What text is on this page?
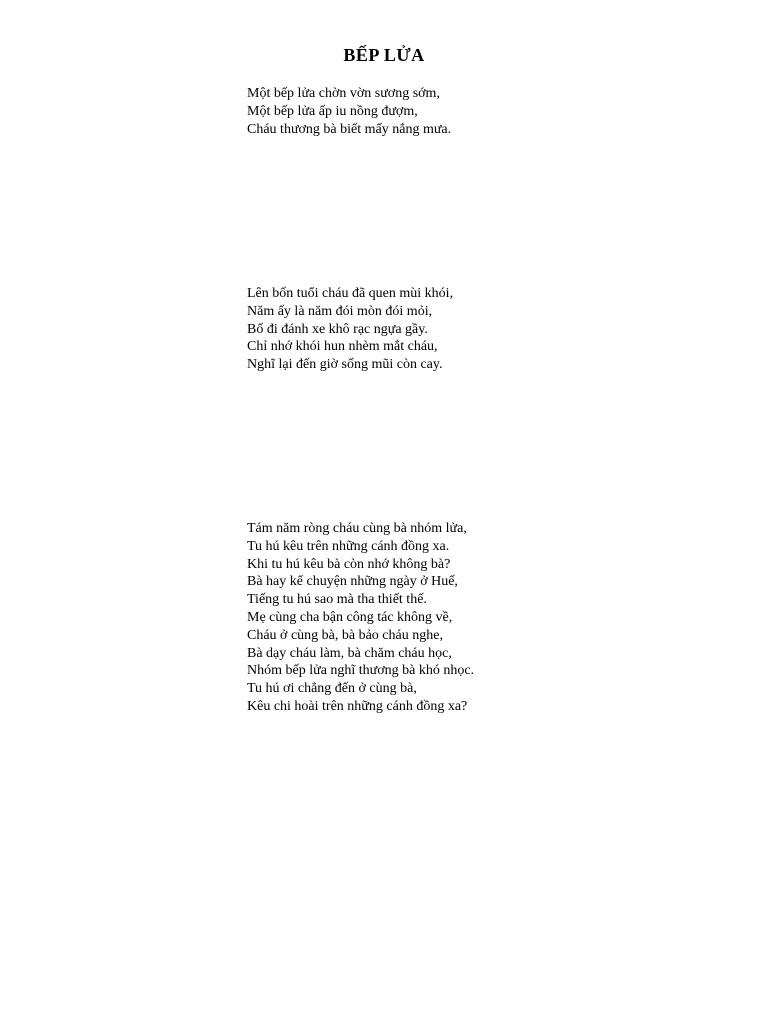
BẾP LỬA
Một bếp lửa chờn vờn sương sớm,
Một bếp lửa ấp iu nồng đượm,
Cháu thương bà biết mấy nắng mưa.
Lên bốn tuổi cháu đã quen mùi khói,
Năm ấy là năm đói mòn đói mỏi,
Bố đi đánh xe khô rạc ngựa gầy.
Chỉ nhớ khói hun nhèm mắt cháu,
Nghĩ lại đến giờ sống mũi còn cay.
Tám năm ròng cháu cùng bà nhóm lửa,
Tu hú kêu trên những cánh đồng xa.
Khi tu hú kêu bà còn nhớ không bà?
Bà hay kể chuyện những ngày ở Huế,
Tiếng tu hú sao mà tha thiết thế.
Mẹ cùng cha bận công tác không về,
Cháu ở cùng bà, bà bảo cháu nghe,
Bà dạy cháu làm, bà chăm cháu học,
Nhóm bếp lửa nghĩ thương bà khó nhọc.
Tu hú ơi chẳng đến ở cùng bà,
Kêu chi hoài trên những cánh đồng xa?
